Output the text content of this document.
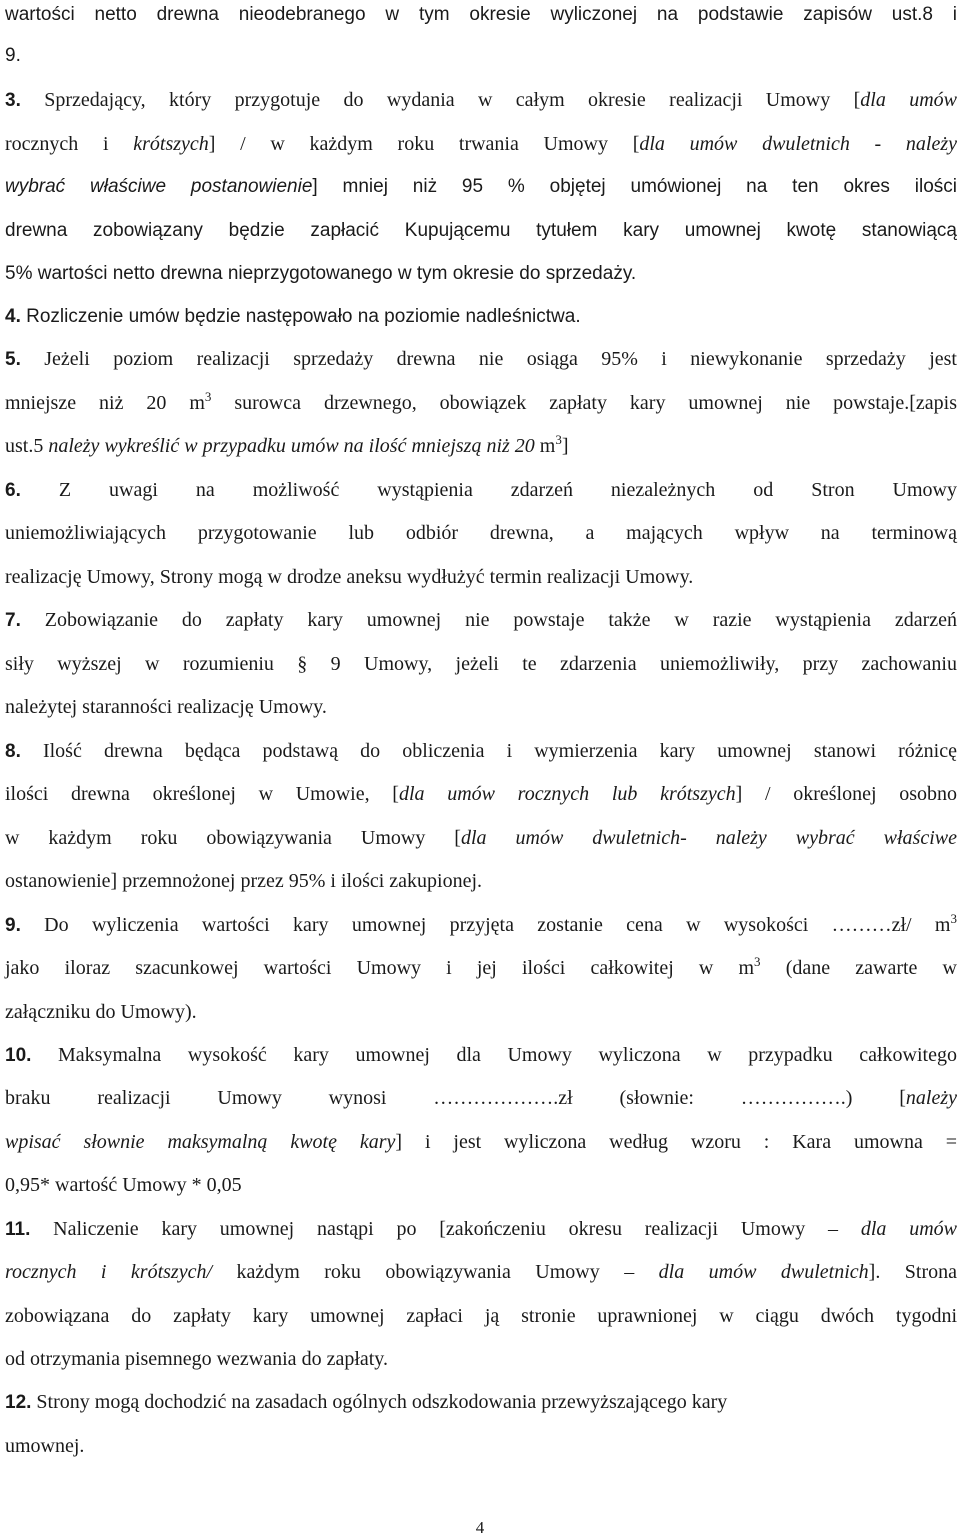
wartości netto drewna nieodebranego w tym okresie wyliczonej na podstawie zapisów ust.8 i
9.
3. Sprzedający, który przygotuje do wydania w całym okresie realizacji Umowy [dla umów
rocznych i krótszych] / w każdym roku trwania Umowy [dla umów dwuletnich - należy
wybrać właściwe postanowienie] mniej niż 95 % objętej umówionej na ten okres ilości
drewna zobowiązany będzie zapłacić Kupującemu tytułem kary umownej kwotę stanowiącą
5% wartości netto drewna nieprzygotowanego w tym okresie do sprzedaży.
4. Rozliczenie umów będzie następowało na poziomie nadleśnictwa.
5. Jeżeli poziom realizacji sprzedaży drewna nie osiąga 95% i niewykonanie sprzedaży jest
mniejsze niż 20 $m^3$ surowca drzewnego, obowiązek zapłaty kary umownej nie powstaje.[zapis
ust.5 należy wykreślić w przypadku umów na ilość mniejszą niż 20 $m^3$]
6. Z uwagi na możliwość wystąpienia zdarzeń niezależnych od Stron Umowy
uniemożliwiających przygotowanie lub odbiór drewna, a mających wpływ na terminową
realizację Umowy, Strony mogą w drodze aneksu wydłużyć termin realizacji Umowy.
7. Zobowiązanie do zapłaty kary umownej nie powstaje także w razie wystąpienia zdarzeń
siły wyższej w rozumieniu § 9 Umowy, jeżeli te zdarzenia uniemożliwiły, przy zachowaniu
należytej staranności realizację Umowy.
8. Ilość drewna będąca podstawą do obliczenia i wymierzenia kary umownej stanowi różnicę
ilości drewna określonej w Umowie, [dla umów rocznych lub krótszych] / określonej osobno
w każdym roku obowiązywania Umowy [dla umów dwuletnich- należy wybrać właściwe
ostanowienie] przemnożonej przez 95% i ilości zakupionej.
9. Do wyliczenia wartości kary umownej przyjęta zostanie cena w wysokości ………zł/ $m^3$
jako iloraz szacunkowej wartości Umowy i jej ilości całkowitej w $m^3$ (dane zawarte w
załączniku do Umowy).
10. Maksymalna wysokość kary umownej dla Umowy wyliczona w przypadku całkowitego
braku realizacji Umowy wynosi ……………….zł (słownie: …………….) [należy
wpisać słownie maksymalną kwotę kary] i jest wyliczona według wzoru : Kara umowna =
0,95* wartość Umowy * 0,05
11. Naliczenie kary umownej nastąpi po [zakończeniu okresu realizacji Umowy – dla umów
rocznych i krótszych/ każdym roku obowiązywania Umowy – dla umów dwuletnich]. Strona
zobowiązana do zapłaty kary umownej zapłaci ją stronie uprawnionej w ciągu dwóch tygodni
od otrzymania pisemnego wezwania do zapłaty.
12. Strony mogą dochodzić na zasadach ogólnych odszkodowania przewyższającego kary
umownej.
4
